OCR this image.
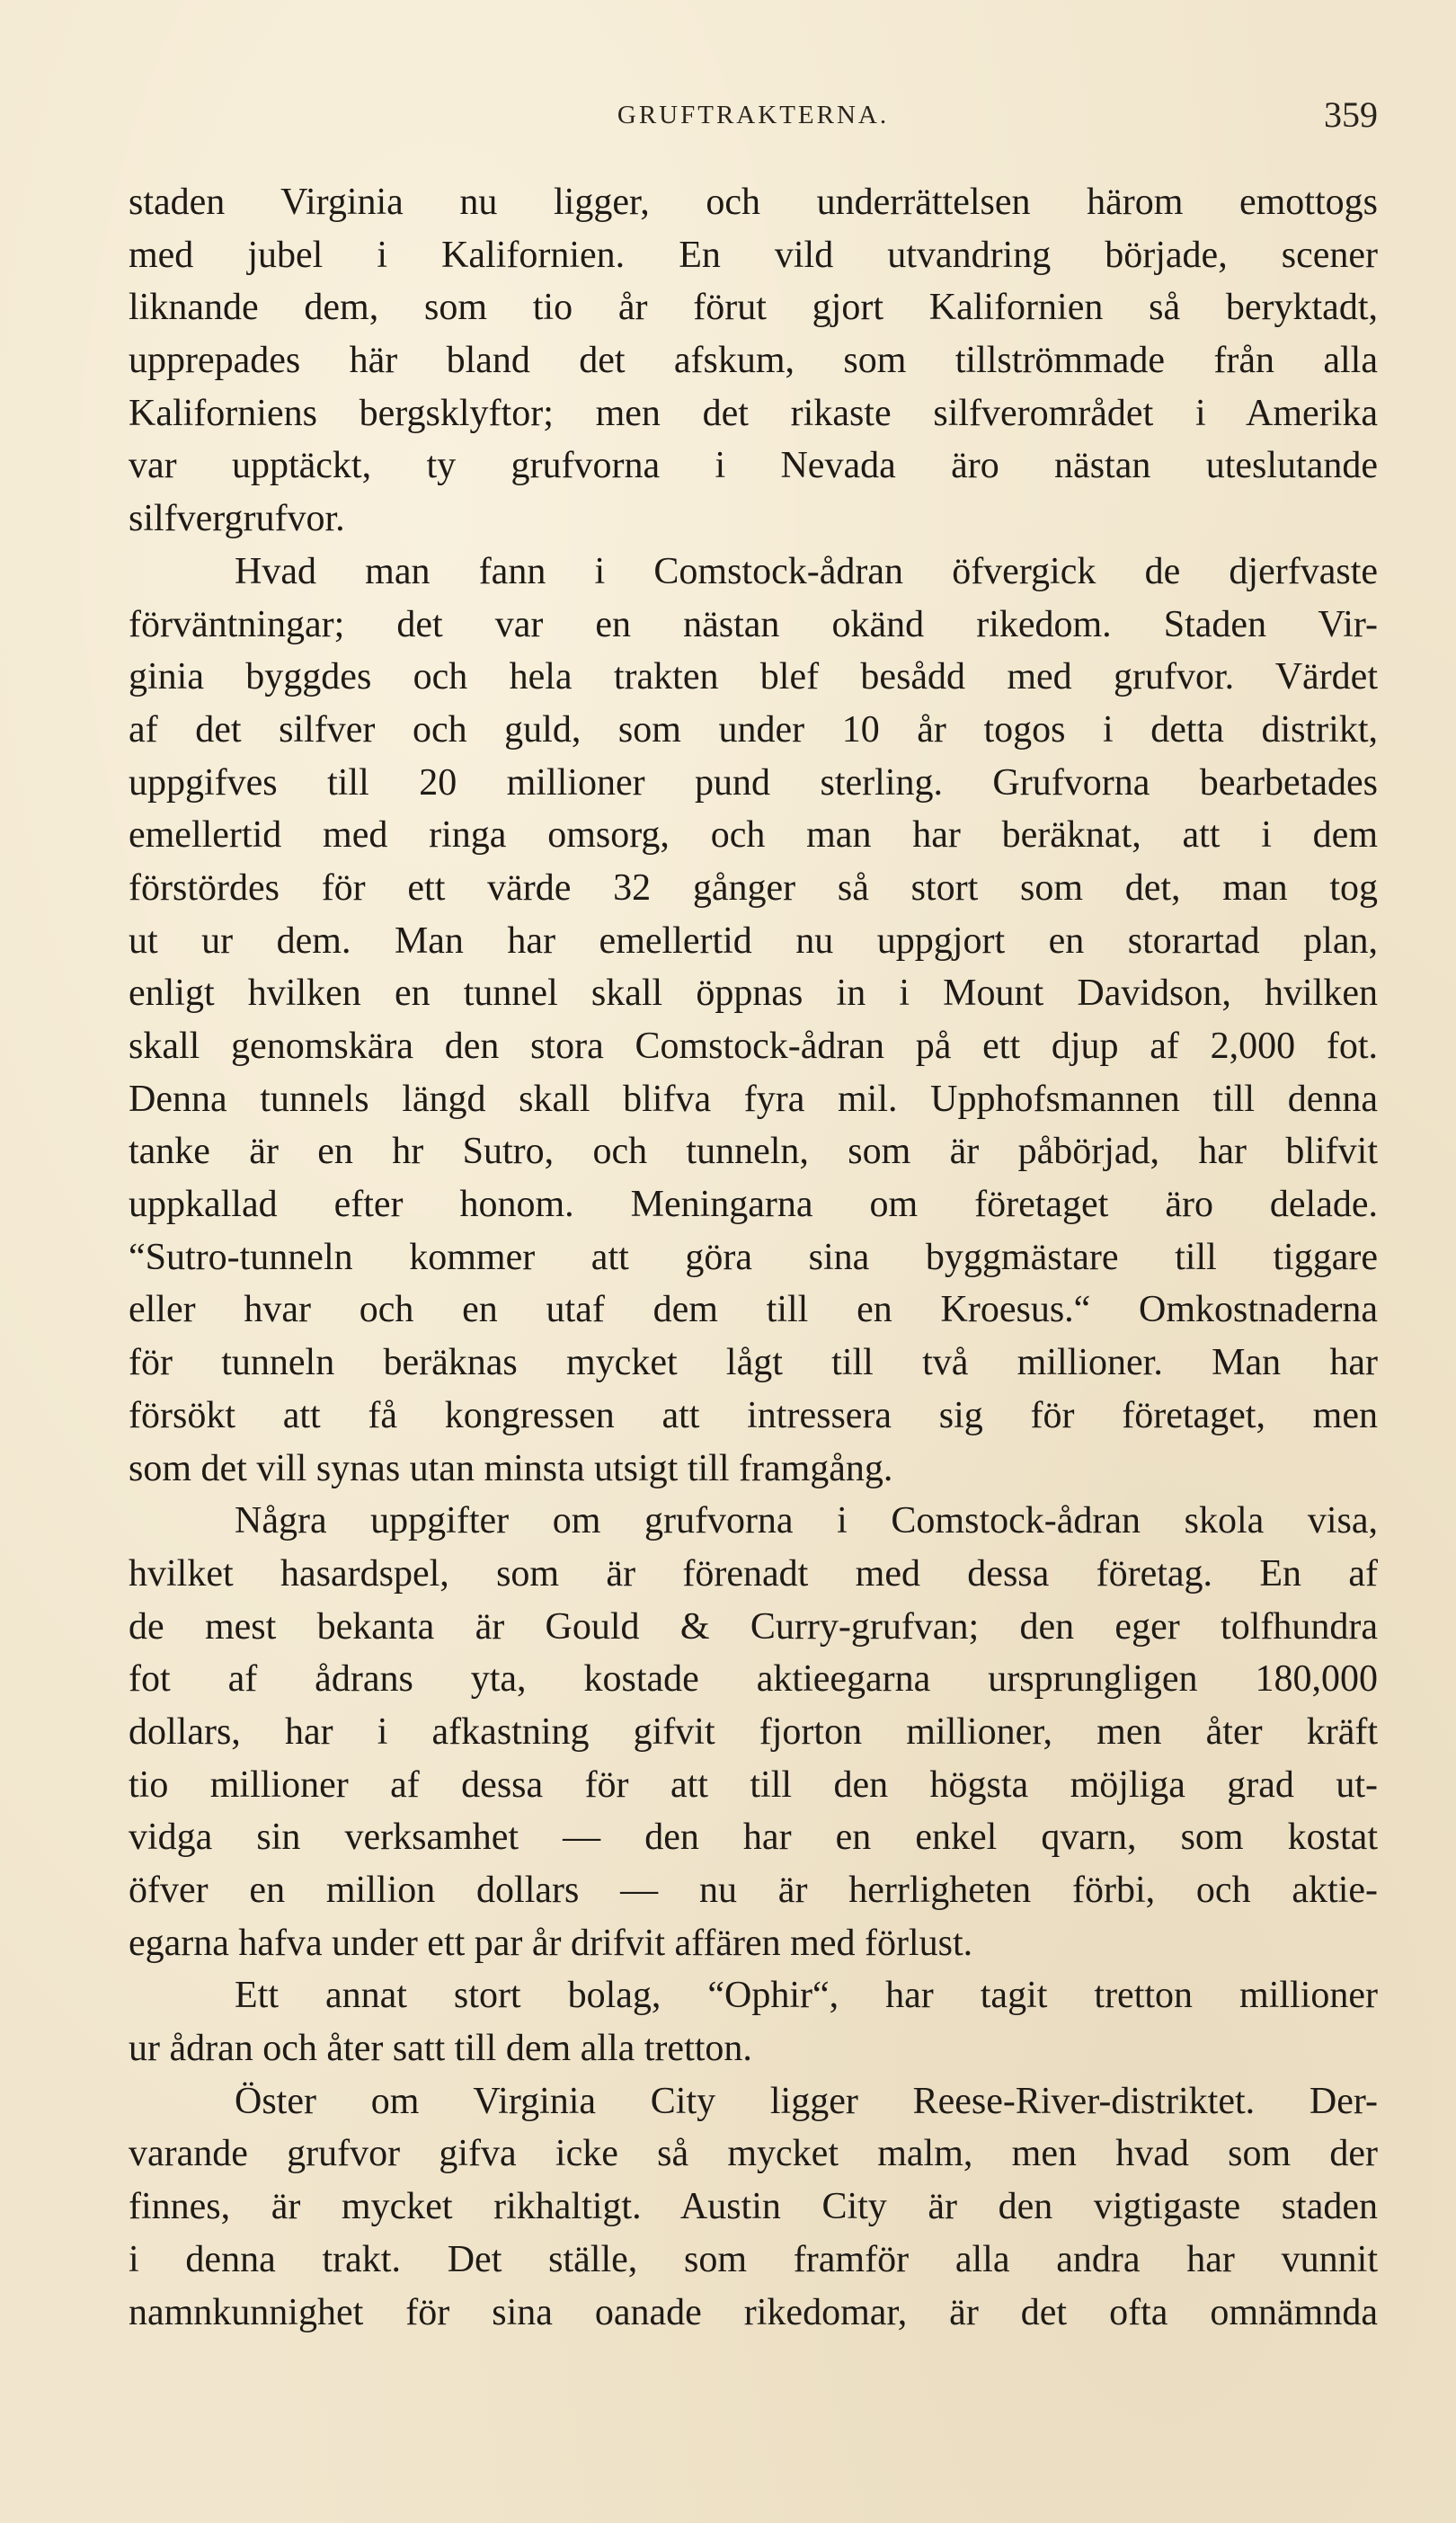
GRUFTRAKTERNA.	359
staden Virginia nu ligger, och underrättelsen härom emottogs
med jubel i Kalifornien. En vild utvandring började, scener
liknande dem, som tio år förut gjort Kalifornien så beryktadt,
upprepades här bland det afskum, som tillströmmade från alla
Kaliforniens bergsklyftor; men det rikaste silfverområdet i Amerika
var upptäckt, ty grufvorna i Nevada äro nästan uteslutande
silfvergrufvor.
Hvad man fann i Comstock-ådran öfvergick de djerfvaste
förväntningar; det var en nästan okänd rikedom. Staden Vir-
ginia byggdes och hela trakten blef besådd med grufvor. Värdet
af det silfver och guld, som under 10 år togos i detta distrikt,
uppgifves till 20 millioner pund sterling. Grufvorna bearbetades
emellertid med ringa omsorg, och man har beräknat, att i dem
förstördes för ett värde 32 gånger så stort som det, man tog
ut ur dem. Man har emellertid nu uppgjort en storartad plan,
enligt hvilken en tunnel skall öppnas in i Mount Davidson, hvilken
skall genomskära den stora Comstock-ådran på ett djup af 2,000 fot.
Denna tunnels längd skall blifva fyra mil. Upphofsmannen till denna
tanke är en hr Sutro, och tunneln, som är påbörjad, har blifvit
uppkallad efter honom. Meningarna om företaget äro delade.
“Sutro-tunneln kommer att göra sina byggmästare till tiggare
eller hvar och en utaf dem till en Kroesus.“ Omkostnaderna
för tunneln beräknas mycket lågt till två millioner. Man har
försökt att få kongressen att intressera sig för företaget, men
som det vill synas utan minsta utsigt till framgång.
Några uppgifter om grufvorna i Comstock-ådran skola visa,
hvilket hasardspel, som är förenadt med dessa företag. En af
de mest bekanta är Gould & Curry-grufvan; den eger tolfhundra
fot af ådrans yta, kostade aktieegarna ursprungligen 180,000
dollars, har i afkastning gifvit fjorton millioner, men åter kräft
tio millioner af dessa för att till den högsta möjliga grad ut-
vidga sin verksamhet — den har en enkel qvarn, som kostat
öfver en million dollars — nu är herrligheten förbi, och aktie-
egarna hafva under ett par år drifvit affären med förlust.
Ett annat stort bolag, “Ophir“, har tagit tretton millioner
ur ådran och åter satt till dem alla tretton.
Öster om Virginia City ligger Reese-River-distriktet. Der-
varande grufvor gifva icke så mycket malm, men hvad som der
finnes, är mycket rikhaltigt. Austin City är den vigtigaste staden
i denna trakt. Det ställe, som framför alla andra har vunnit
namnkunnighet för sina oanade rikedomar, är det ofta omnämnda
